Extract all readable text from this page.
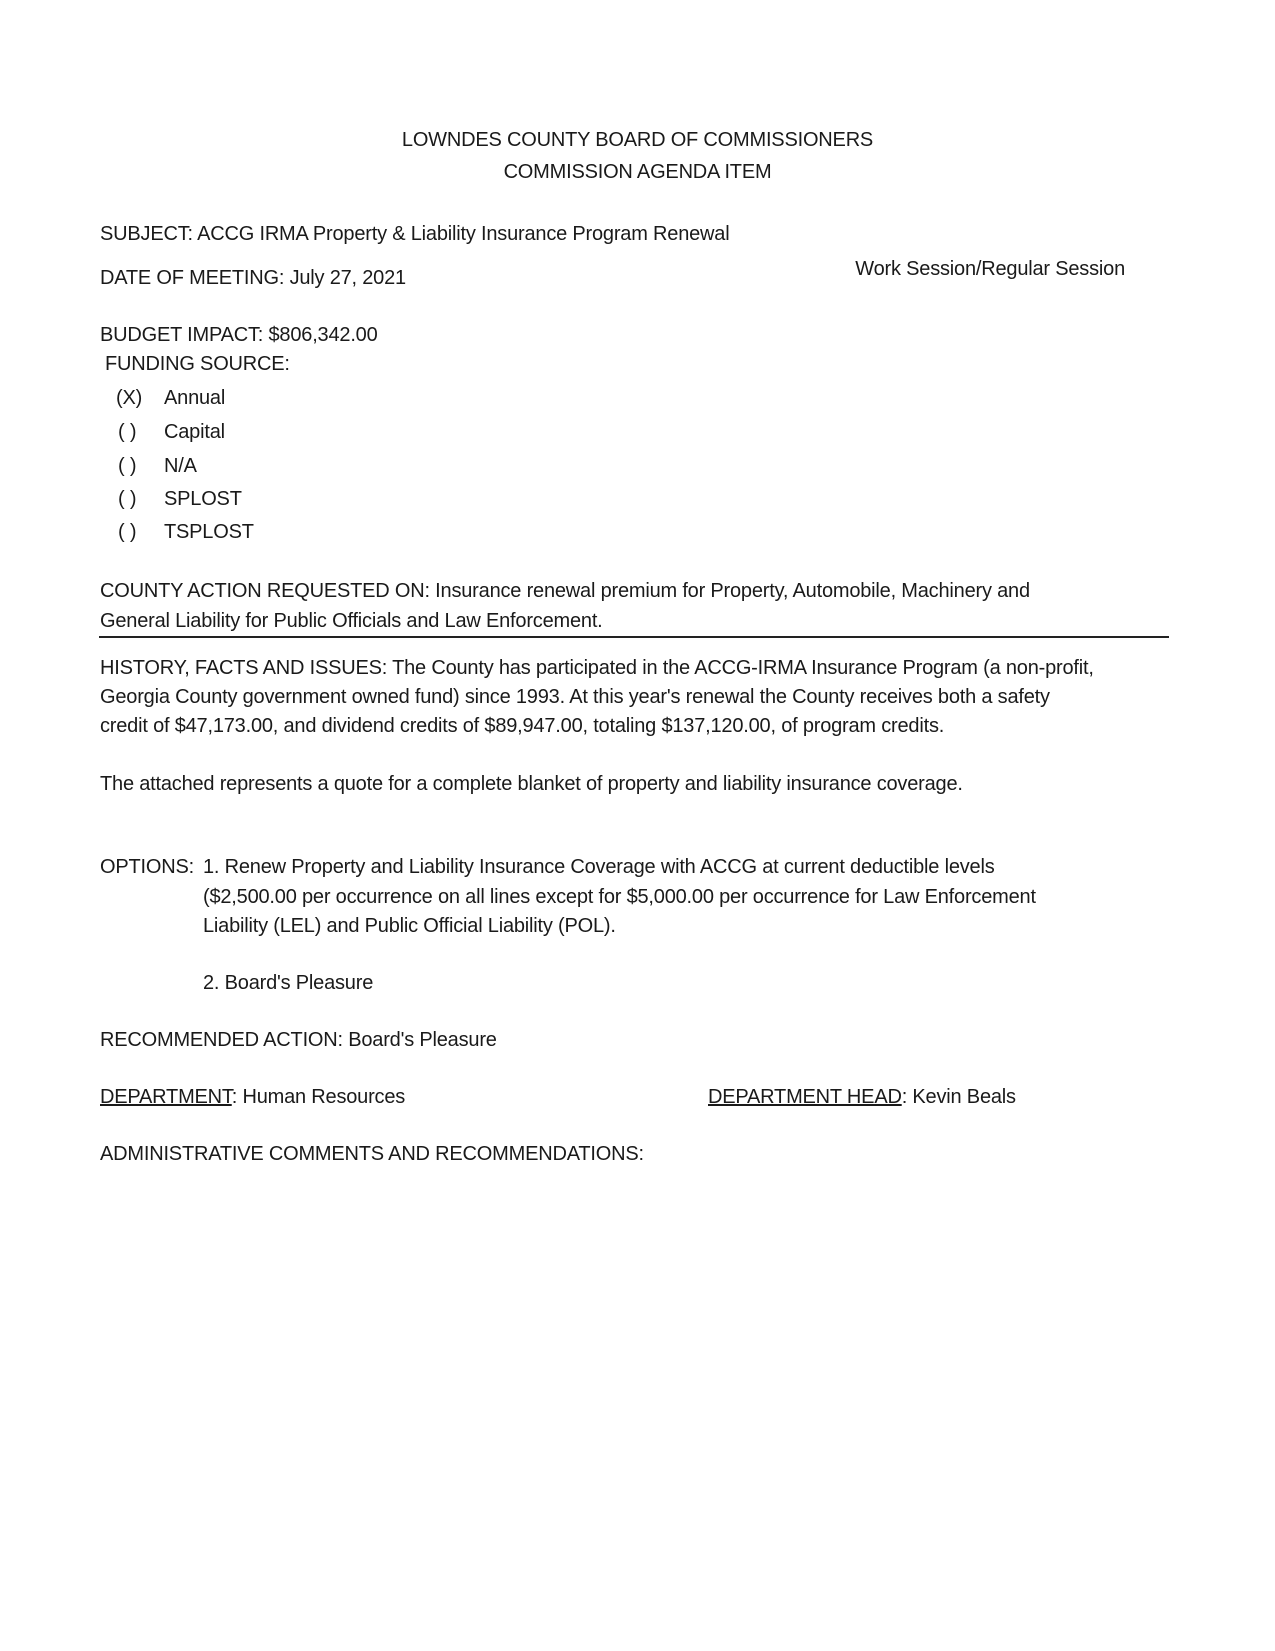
LOWNDES COUNTY BOARD OF COMMISSIONERS
COMMISSION AGENDA ITEM
SUBJECT: ACCG IRMA Property & Liability Insurance Program Renewal
DATE OF MEETING: July 27, 2021	Work Session/Regular Session
BUDGET IMPACT: $806,342.00
FUNDING SOURCE:
(X) Annual
( ) Capital
( ) N/A
( ) SPLOST
( ) TSPLOST
COUNTY ACTION REQUESTED ON: Insurance renewal premium for Property, Automobile, Machinery and
General Liability for Public Officials and Law Enforcement.
HISTORY, FACTS AND ISSUES: The County has participated in the ACCG-IRMA Insurance Program (a non-profit,
Georgia County government owned fund) since 1993. At this year's renewal the County receives both a safety
credit of $47,173.00, and dividend credits of $89,947.00, totaling $137,120.00, of program credits.
The attached represents a quote for a complete blanket of property and liability insurance coverage.
OPTIONS: 1. Renew Property and Liability Insurance Coverage with ACCG at current deductible levels
($2,500.00 per occurrence on all lines except for $5,000.00 per occurrence for Law Enforcement
Liability (LEL) and Public Official Liability (POL).
2. Board's Pleasure
RECOMMENDED ACTION: Board's Pleasure
DEPARTMENT: Human Resources	DEPARTMENT HEAD: Kevin Beals
ADMINISTRATIVE COMMENTS AND RECOMMENDATIONS:
